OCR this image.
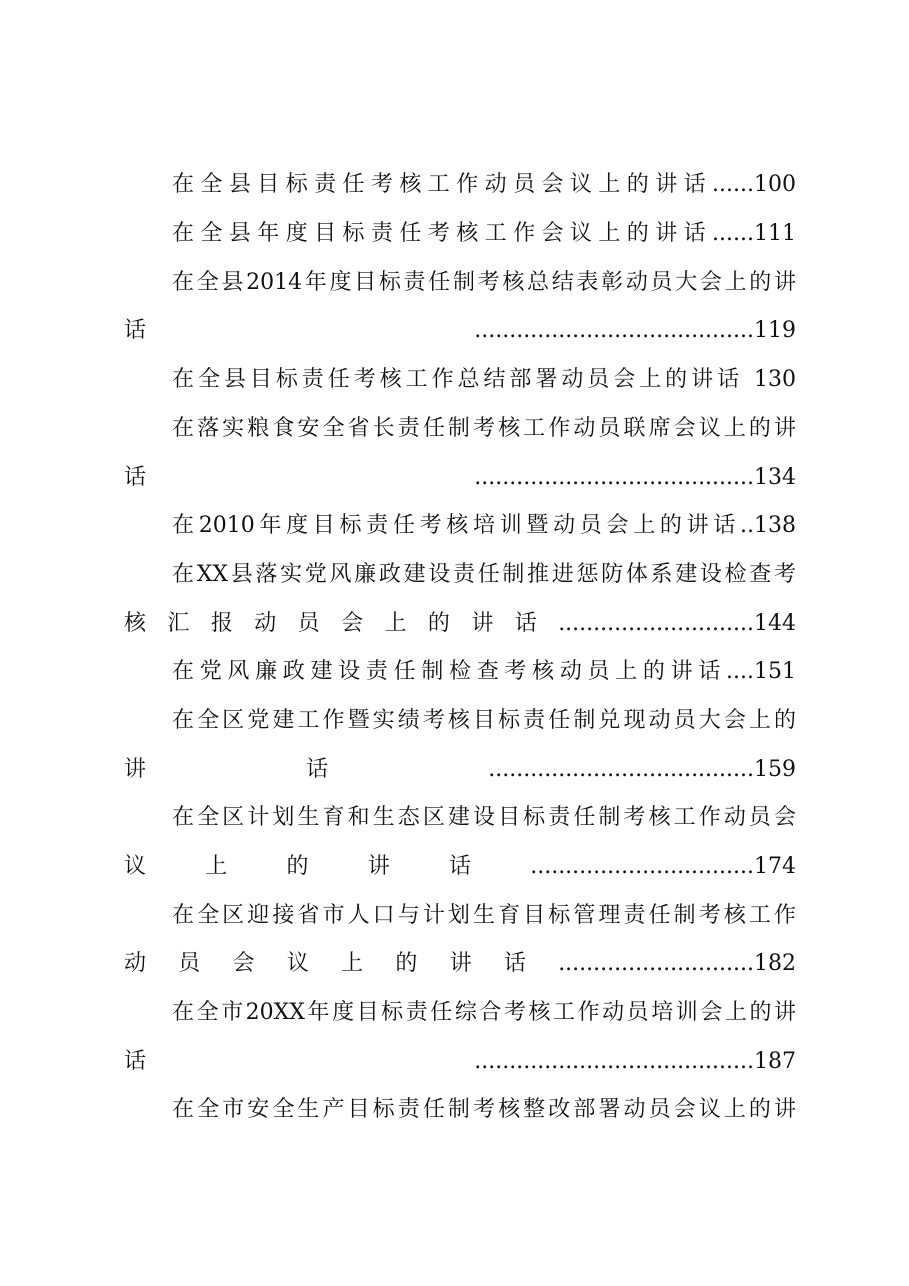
在全县目标责任考核工作动员会议上的讲话......100
在全县年度目标责任考核工作会议上的讲话......111
在全县2014年度目标责任制考核总结表彰动员大会上的讲
话........................................119
在全县目标责任考核工作总结部署动员会上的讲话 130
在落实粮食安全省长责任制考核工作动员联席会议上的讲
话........................................134
在2010年度目标责任考核培训暨动员会上的讲话..138
在XX县落实党风廉政建设责任制推进惩防体系建设检查考
核汇报动员会上的讲话............................144
在党风廉政建设责任制检查考核动员上的讲话....151
在全区党建工作暨实绩考核目标责任制兑现动员大会上的
讲话......................................159
在全区计划生育和生态区建设目标责任制考核工作动员会
议上的讲话................................174
在全区迎接省市人口与计划生育目标管理责任制考核工作
动员会议上的讲话............................182
在全市20XX年度目标责任综合考核工作动员培训会上的讲
话........................................187
在全市安全生产目标责任制考核整改部署动员会议上的讲
